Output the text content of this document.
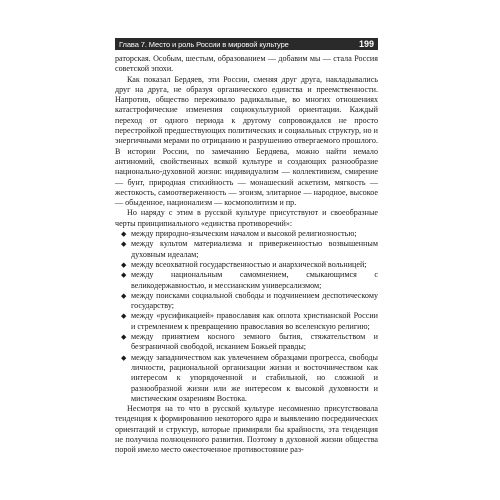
Глава 7. Место и роль России в мировой культуре	199

раторская. Особым, шестым, образованием — добавим мы — стала Россия советской эпохи.

Как показал Бердяев, эти России, сменяя друг друга, накладывались друг на друга, не образуя органического единства и преемственности. Напротив, общество переживало радикальные, во многих отношениях катастрофические изменения социокультурной ориентации. Каждый переход от одного периода к другому сопровождался не просто перестройкой предшествующих политических и социальных структур, но и энергичными мерами по отрицанию и разрушению отвергаемого прошлого. В истории России, по замечанию Бердяева, можно найти немало антиномий, свойственных всякой культуре и создающих разнообразие национально-духовной жизни: индивидуализм — коллективизм, смирение — бунт, природная стихийность — монашеский аскетизм, мягкость — жестокость, самоотверженность — эгоизм, элитарное — народное, высокое — обыденное, национализм — космополитизм и пр.

Но наряду с этим в русской культуре присутствуют и своеобразные черты принципиального «единства противоречий»:

◆ между природно-языческим началом и высокой религиозностью;
◆ между культом материализма и приверженностью возвышенным духовным идеалам;
◆ между всеохватной государственностью и анархической вольницей;
◆ между национальным самомнением, смыкающимся с великодержавностью, и мессианским универсализмом;
◆ между поисками социальной свободы и подчинением деспотическому государству;
◆ между «русификацией» православия как оплота христианской России и стремлением к превращению православия во вселенскую религию;
◆ между принятием косного земного бытия, стяжательством и безграничной свободой, исканием Божьей правды;
◆ между западничеством как увлечением образцами прогресса, свободы личности, рациональной организации жизни и восточничеством как интересом к упорядоченной и стабильной, но сложной и разнообразной жизни или же интересом к высокой духовности и мистическим озарениям Востока.

Несмотря на то что в русской культуре несомненно присутствовала тенденция к формированию некоторого ядра и выявлению посреднических ориентаций и структур, которые примиряли бы крайности, эта тенденция не получила полноценного развития. Поэтому в духовной жизни общества порой имело место ожесточенное противостояние раз-
